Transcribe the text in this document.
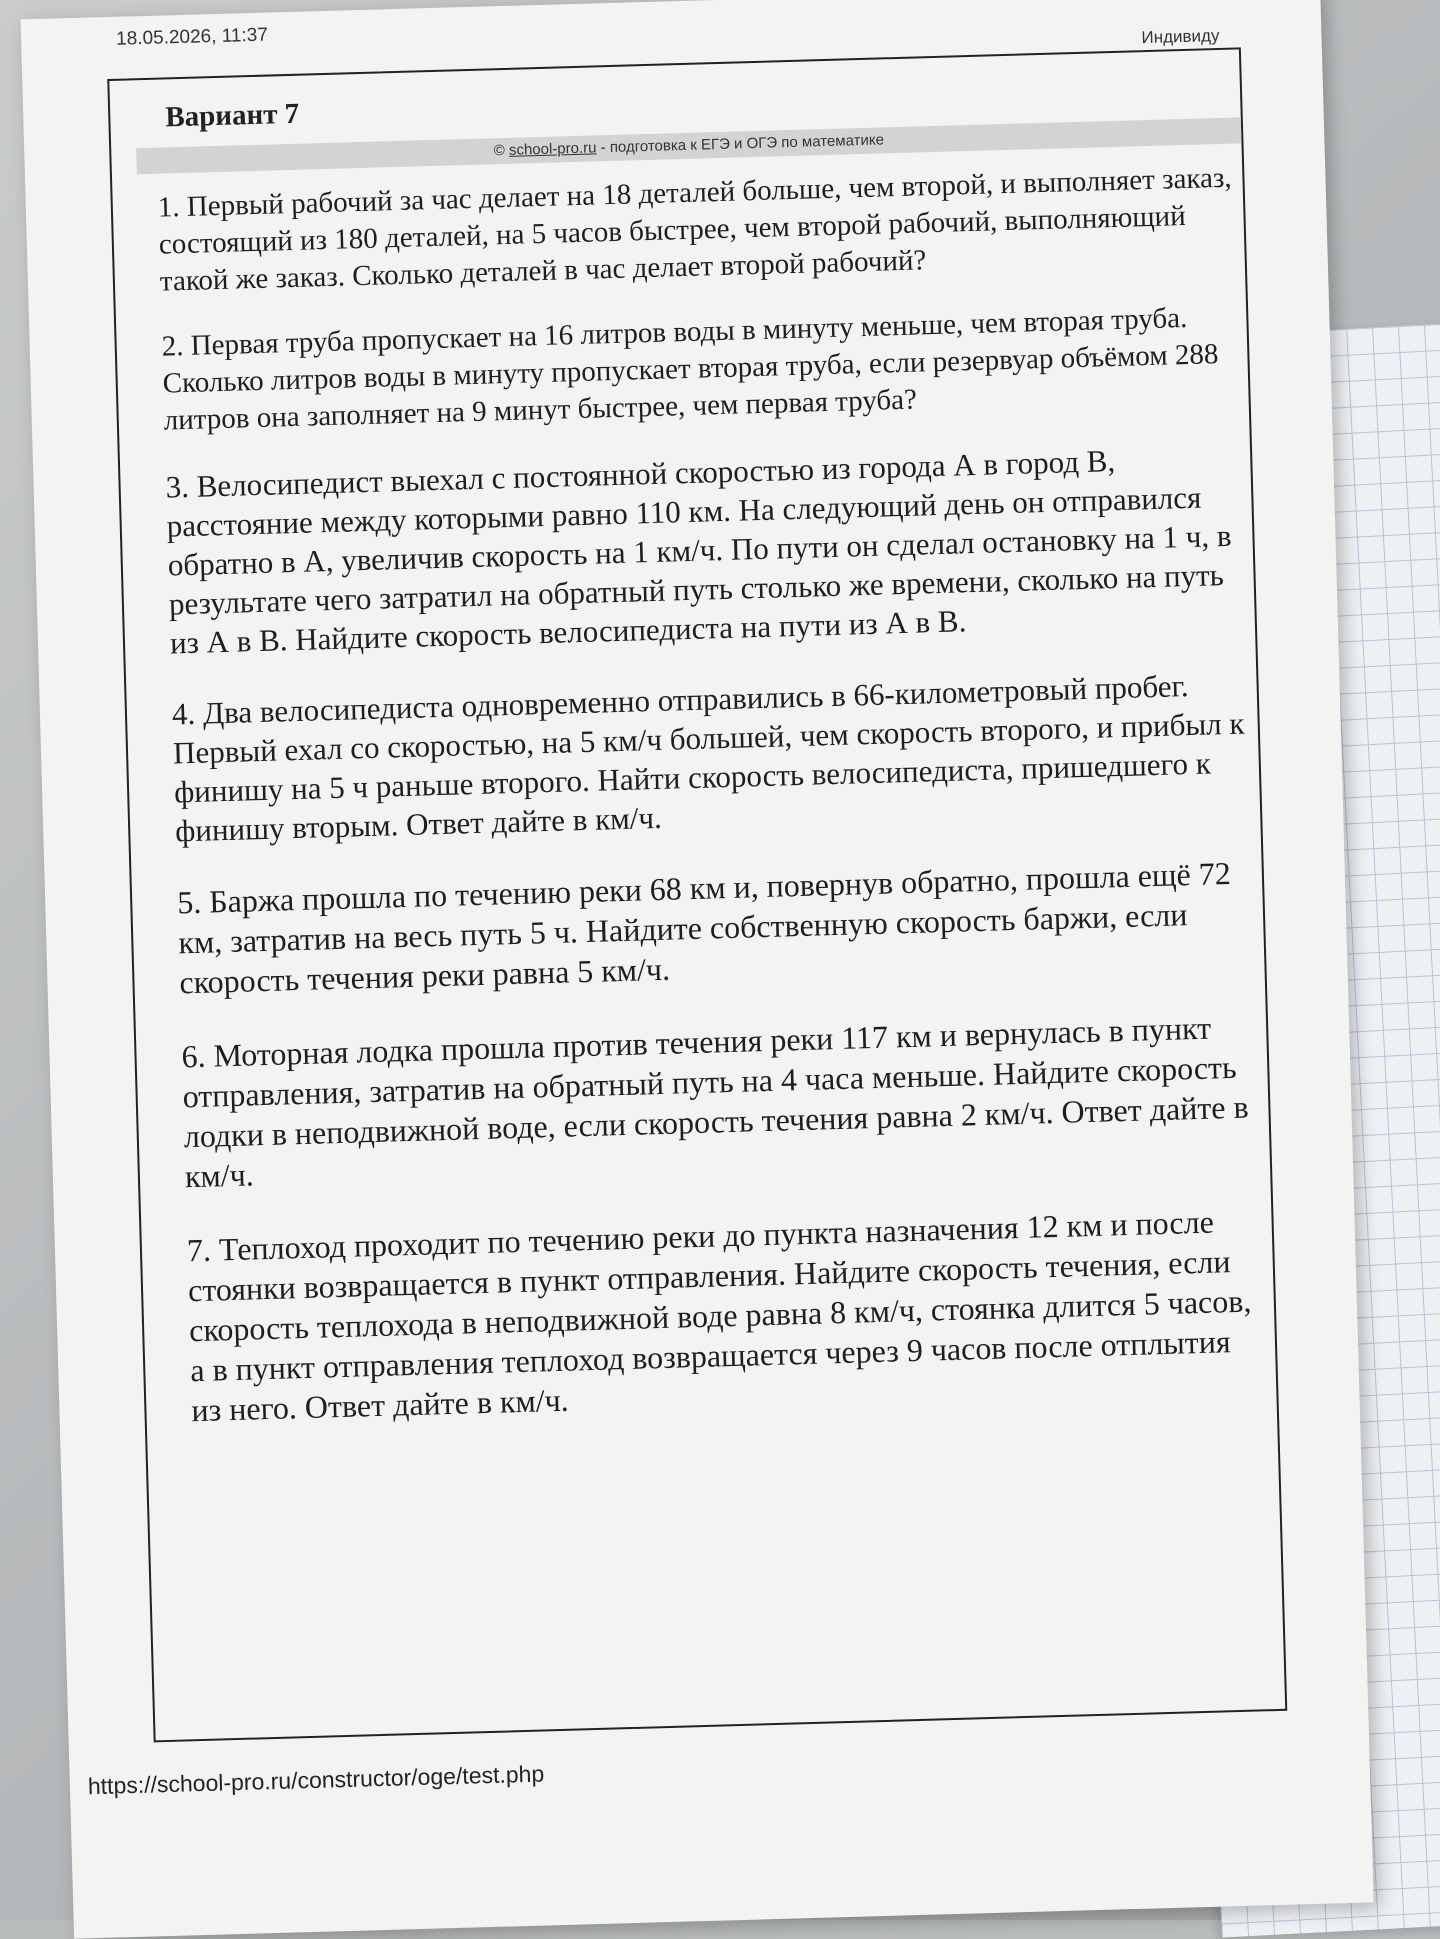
18.05.2026, 11:37	Индивиду
Вариант 7
© school-pro.ru - подготовка к ЕГЭ и ОГЭ по математике

1. Первый рабочий за час делает на 18 деталей больше, чем второй, и выполняет заказ, состоящий из 180 деталей, на 5 часов быстрее, чем второй рабочий, выполняющий такой же заказ. Сколько деталей в час делает второй рабочий?

2. Первая труба пропускает на 16 литров воды в минуту меньше, чем вторая труба. Сколько литров воды в минуту пропускает вторая труба, если резервуар объёмом 288 литров она заполняет на 9 минут быстрее, чем первая труба?

3. Велосипедист выехал с постоянной скоростью из города А в город В, расстояние между которыми равно 110 км. На следующий день он отправился обратно в А, увеличив скорость на 1 км/ч. По пути он сделал остановку на 1 ч, в результате чего затратил на обратный путь столько же времени, сколько на путь из А в В. Найдите скорость велосипедиста на пути из А в В.

4. Два велосипедиста одновременно отправились в 66-километровый пробег. Первый ехал со скоростью, на 5 км/ч большей, чем скорость второго, и прибыл к финишу на 5 ч раньше второго. Найти скорость велосипедиста, пришедшего к финишу вторым. Ответ дайте в км/ч.

5. Баржа прошла по течению реки 68 км и, повернув обратно, прошла ещё 72 км, затратив на весь путь 5 ч. Найдите собственную скорость баржи, если скорость течения реки равна 5 км/ч.

6. Моторная лодка прошла против течения реки 117 км и вернулась в пункт отправления, затратив на обратный путь на 4 часа меньше. Найдите скорость лодки в неподвижной воде, если скорость течения равна 2 км/ч. Ответ дайте в км/ч.

7. Теплоход проходит по течению реки до пункта назначения 12 км и после стоянки возвращается в пункт отправления. Найдите скорость течения, если скорость теплохода в неподвижной воде равна 8 км/ч, стоянка длится 5 часов, а в пункт отправления теплоход возвращается через 9 часов после отплытия из него. Ответ дайте в км/ч.

https://school-pro.ru/constructor/oge/test.php
